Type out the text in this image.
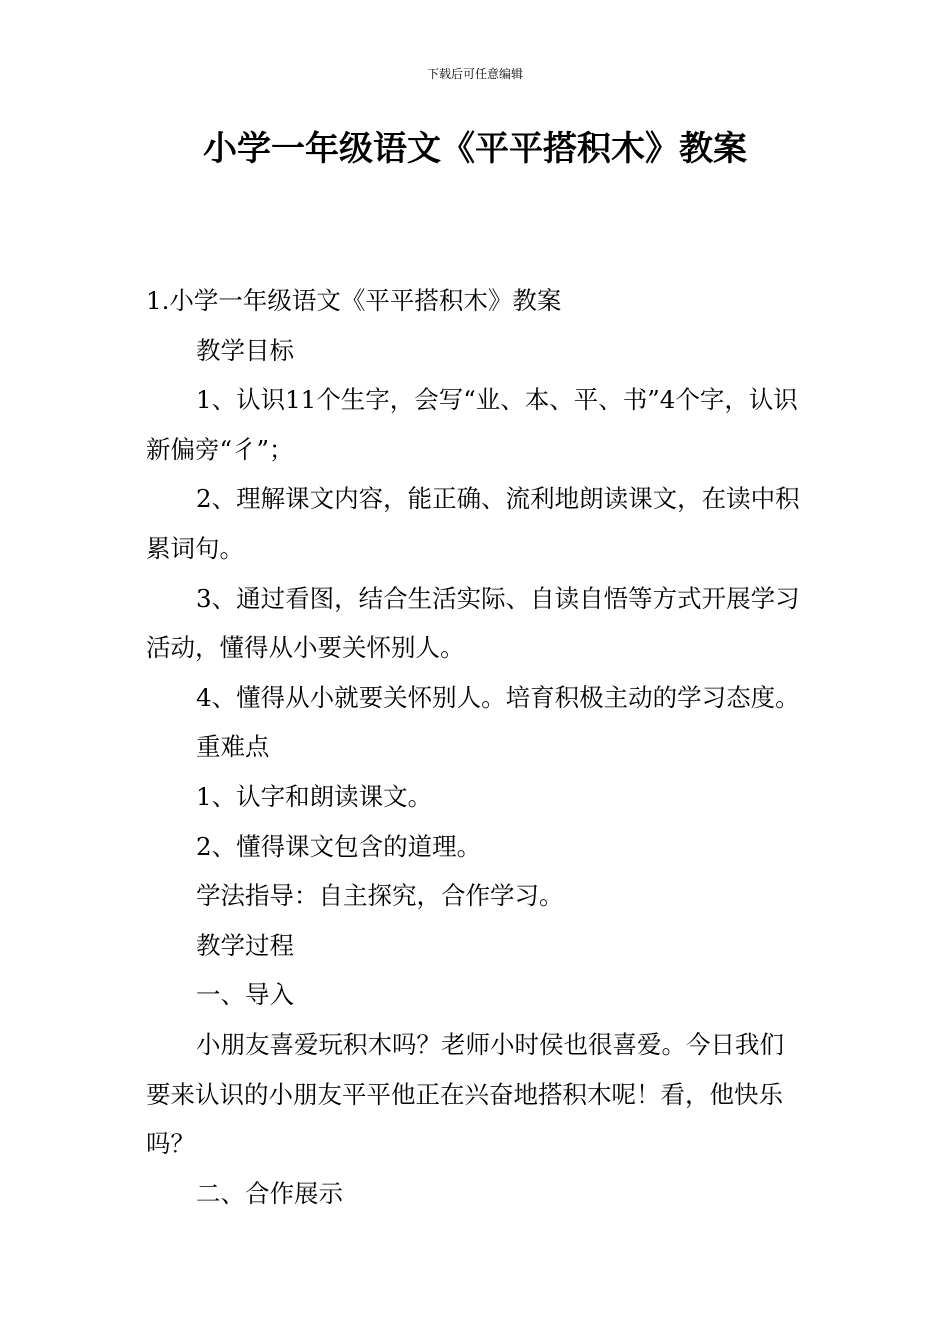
下载后可任意编辑
小学一年级语文《平平搭积木》教案

1.小学一年级语文《平平搭积木》教案

教学目标

1、认识11个生字，会写“业、本、平、书”4个字，认识新偏旁“彳”；

2、理解课文内容，能正确、流利地朗读课文，在读中积累词句。

3、通过看图，结合生活实际、自读自悟等方式开展学习活动，懂得从小要关怀别人。

4、懂得从小就要关怀别人。培育积极主动的学习态度。

重难点

1、认字和朗读课文。

2、懂得课文包含的道理。

学法指导：自主探究，合作学习。

教学过程

一、导入

小朋友喜爱玩积木吗？老师小时侯也很喜爱。今日我们要来认识的小朋友平平他正在兴奋地搭积木呢！看，他快乐吗？

二、合作展示
